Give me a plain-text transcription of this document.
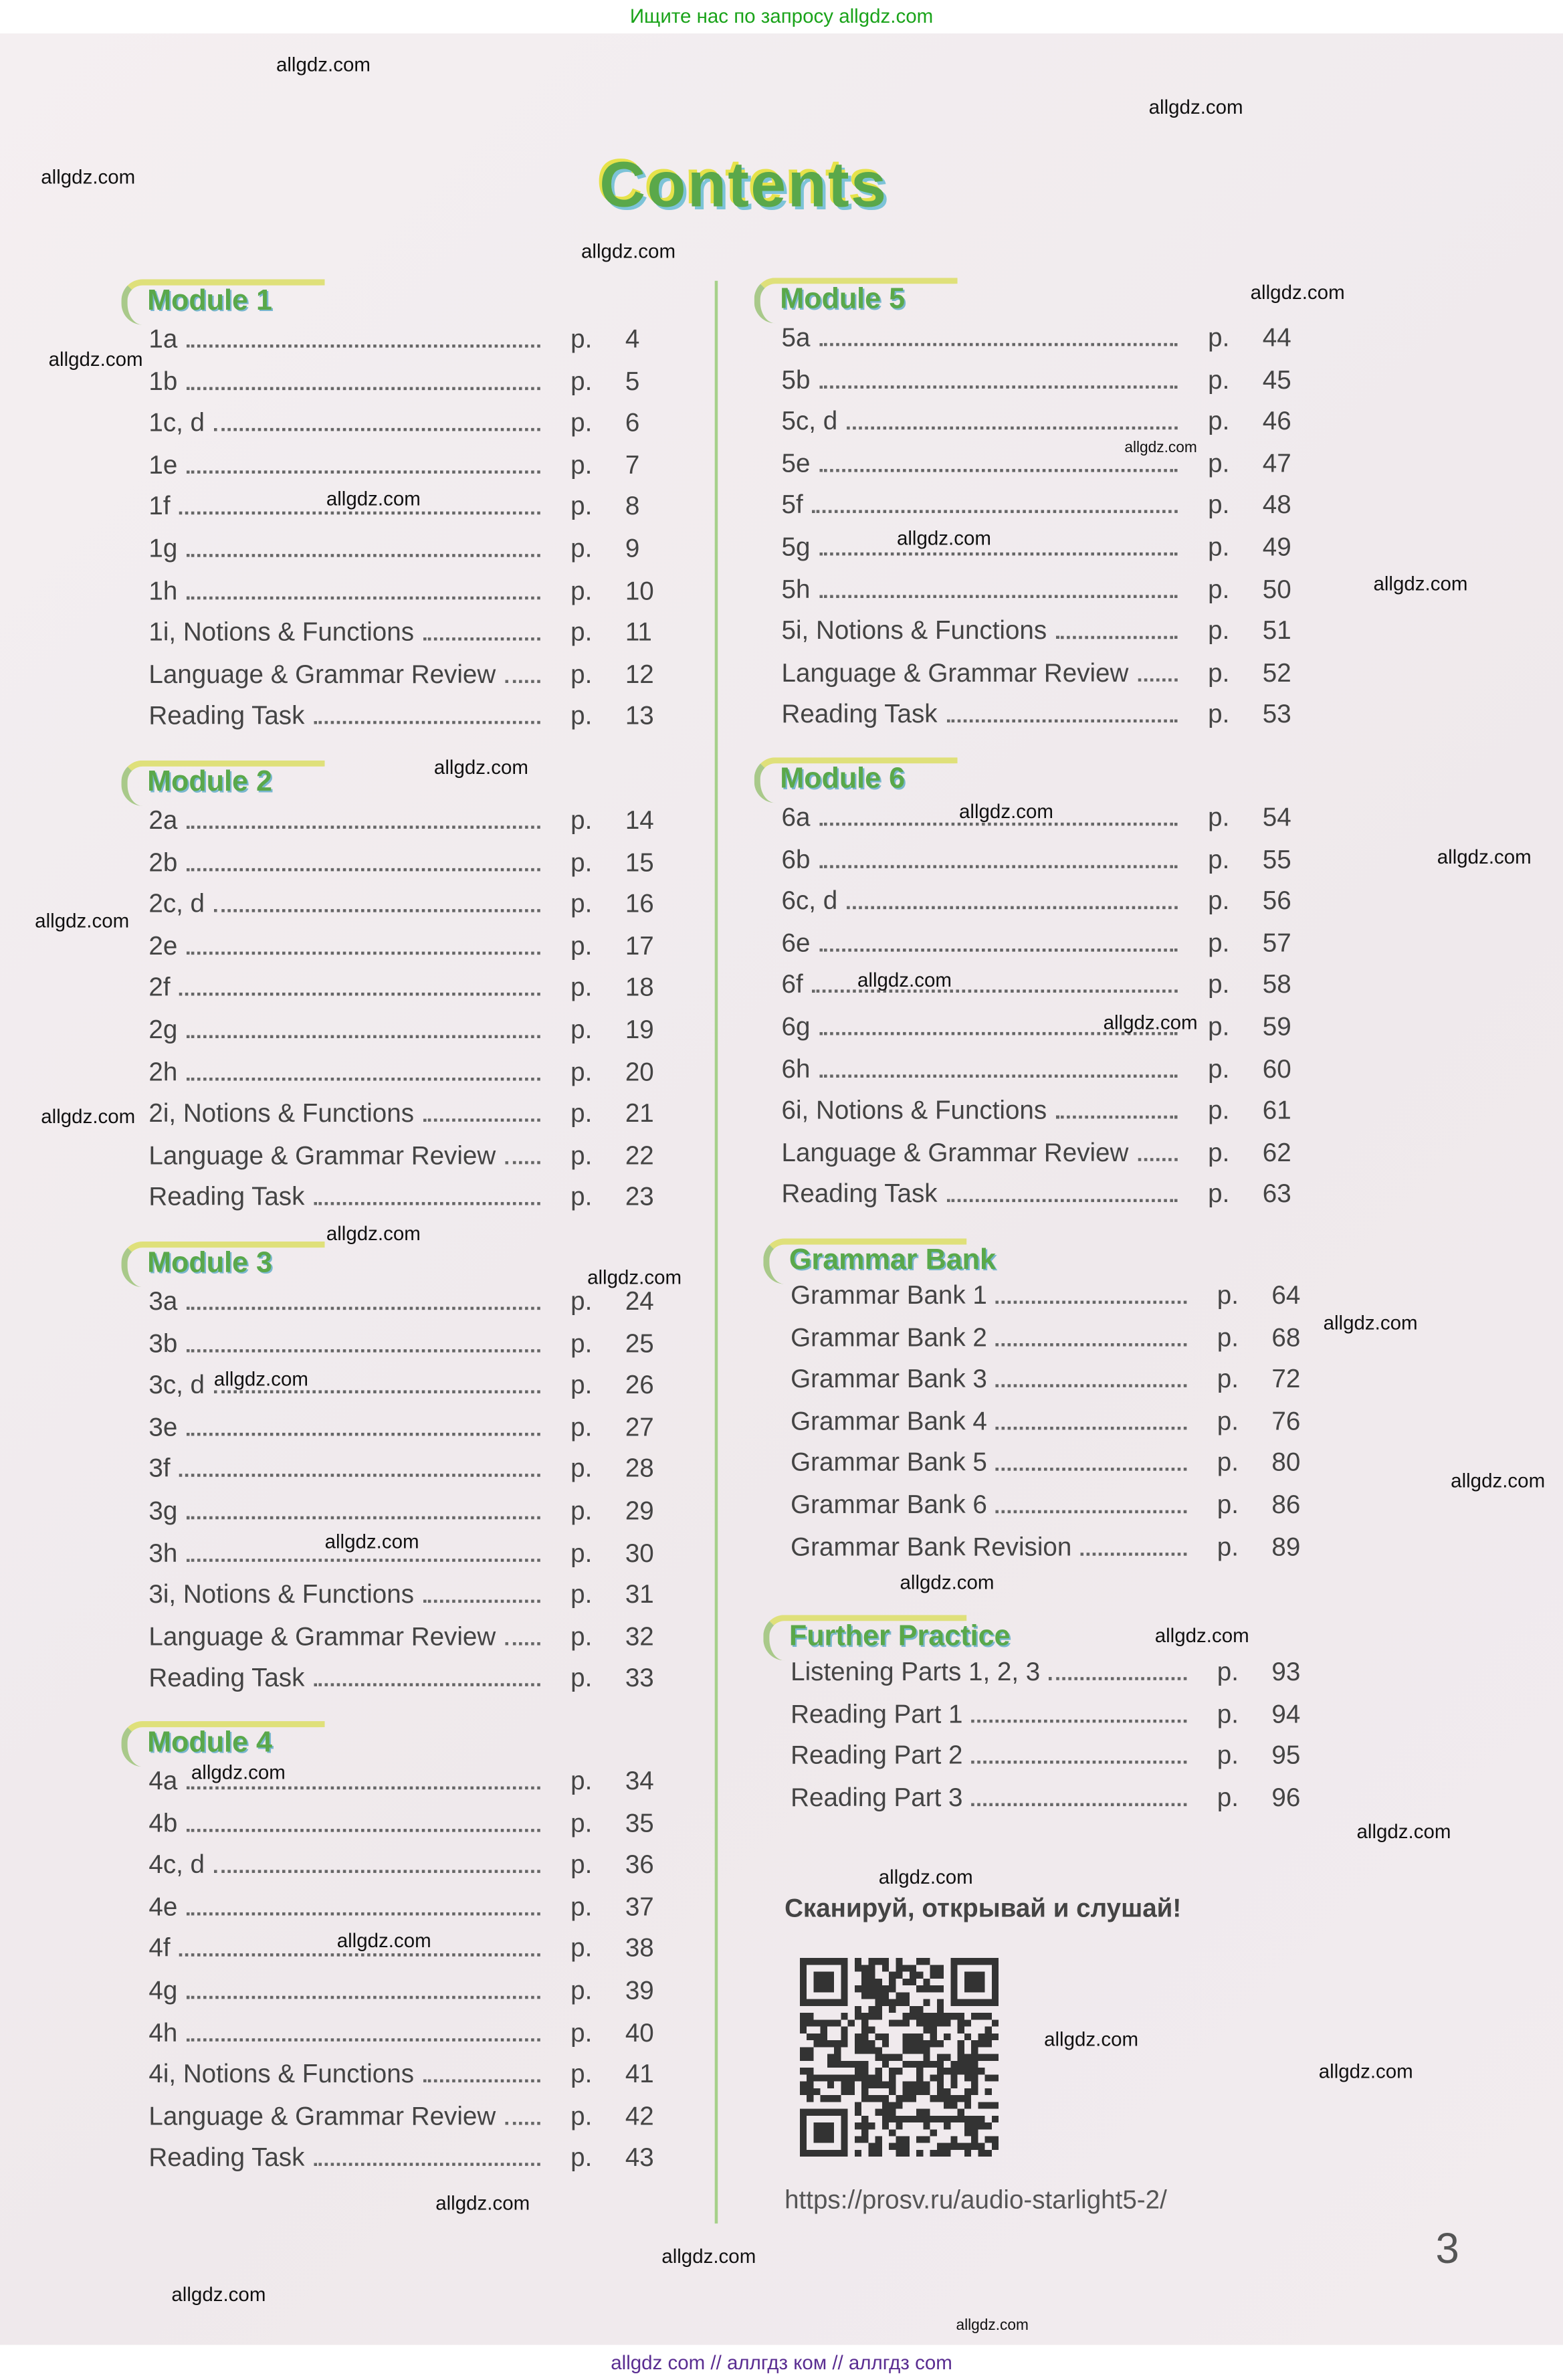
Ищите нас по запросу allgdz.com
Contents
Module 1
1a	p.	4
1b	p.	5
1c, d	p.	6
1e	p.	7
1f	p.	8
1g	p.	9
1h	p.	10
1i, Notions & Functions	p.	11
Language & Grammar Review	p.	12
Reading Task	p.	13
Module 2
2a	p.	14
2b	p.	15
2c, d	p.	16
2e	p.	17
2f	p.	18
2g	p.	19
2h	p.	20
2i, Notions & Functions	p.	21
Language & Grammar Review	p.	22
Reading Task	p.	23
Module 3
3a	p.	24
3b	p.	25
3c, d	p.	26
3e	p.	27
3f	p.	28
3g	p.	29
3h	p.	30
3i, Notions & Functions	p.	31
Language & Grammar Review	p.	32
Reading Task	p.	33
Module 4
4a	p.	34
4b	p.	35
4c, d	p.	36
4e	p.	37
4f	p.	38
4g	p.	39
4h	p.	40
4i, Notions & Functions	p.	41
Language & Grammar Review	p.	42
Reading Task	p.	43
Module 5
5a	p.	44
5b	p.	45
5c, d	p.	46
5e	p.	47
5f	p.	48
5g	p.	49
5h	p.	50
5i, Notions & Functions	p.	51
Language & Grammar Review	p.	52
Reading Task	p.	53
Module 6
6a	p.	54
6b	p.	55
6c, d	p.	56
6e	p.	57
6f	p.	58
6g	p.	59
6h	p.	60
6i, Notions & Functions	p.	61
Language & Grammar Review	p.	62
Reading Task	p.	63
Grammar Bank
Grammar Bank 1	p.	64
Grammar Bank 2	p.	68
Grammar Bank 3	p.	72
Grammar Bank 4	p.	76
Grammar Bank 5	p.	80
Grammar Bank 6	p.	86
Grammar Bank Revision	p.	89
Further Practice
Listening Parts 1, 2, 3	p.	93
Reading Part 1	p.	94
Reading Part 2	p.	95
Reading Part 3	p.	96
Сканируй, открывай и слушай!
https://prosv.ru/audio-starlight5-2/
3
allgdz.com
allgdz.com
allgdz.com
allgdz.com
allgdz.com
allgdz.com
allgdz.com
allgdz.com
allgdz.com
allgdz.com
allgdz.com
allgdz.com
allgdz.com
allgdz.com
allgdz.com
allgdz.com
allgdz.com
allgdz.com
allgdz.com
allgdz.com
allgdz.com
allgdz.com
allgdz.com
allgdz.com
allgdz.com
allgdz.com
allgdz.com
allgdz.com
allgdz.com
allgdz.com
allgdz.com
allgdz.com
allgdz.com
allgdz.com
allgdz.com
allgdz com // аллгдз ком // аллгдз com
